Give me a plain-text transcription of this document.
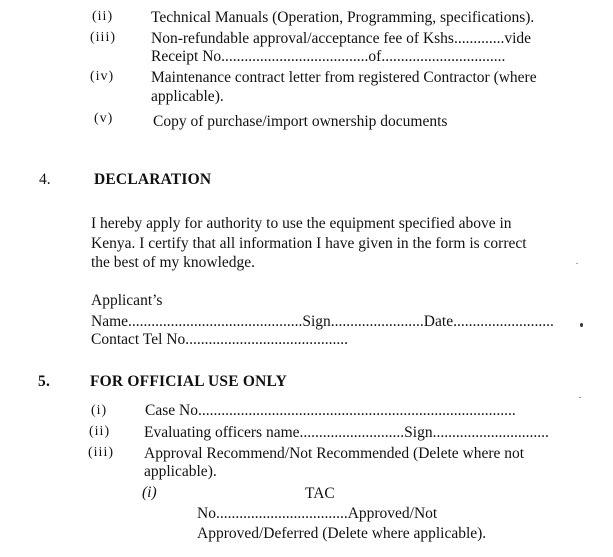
(ii) Technical Manuals (Operation, Programming, specifications).
(iii) Non-refundable approval/acceptance fee of Kshs.............vide
Receipt No......................................of................................
(iv) Maintenance contract letter from registered Contractor (where
applicable).
(v)	Copy of purchase/import ownership documents
4.	DECLARATION
I hereby apply for authority to use the equipment specified above in
Kenya. I certify that all information I have given in the form is correct
the best of my knowledge.
Applicant’s
Name.............................................Sign........................Date..........................
Contact Tel No..........................................
5.	FOR OFFICIAL USE ONLY
(i) Case No..................................................................................
(ii) Evaluating officers name...........................Sign..............................
(iii) Approval Recommend/Not Recommended (Delete where not
applicable).
(i)	TAC
No..................................Approved/Not
Approved/Deferred (Delete where applicable).
